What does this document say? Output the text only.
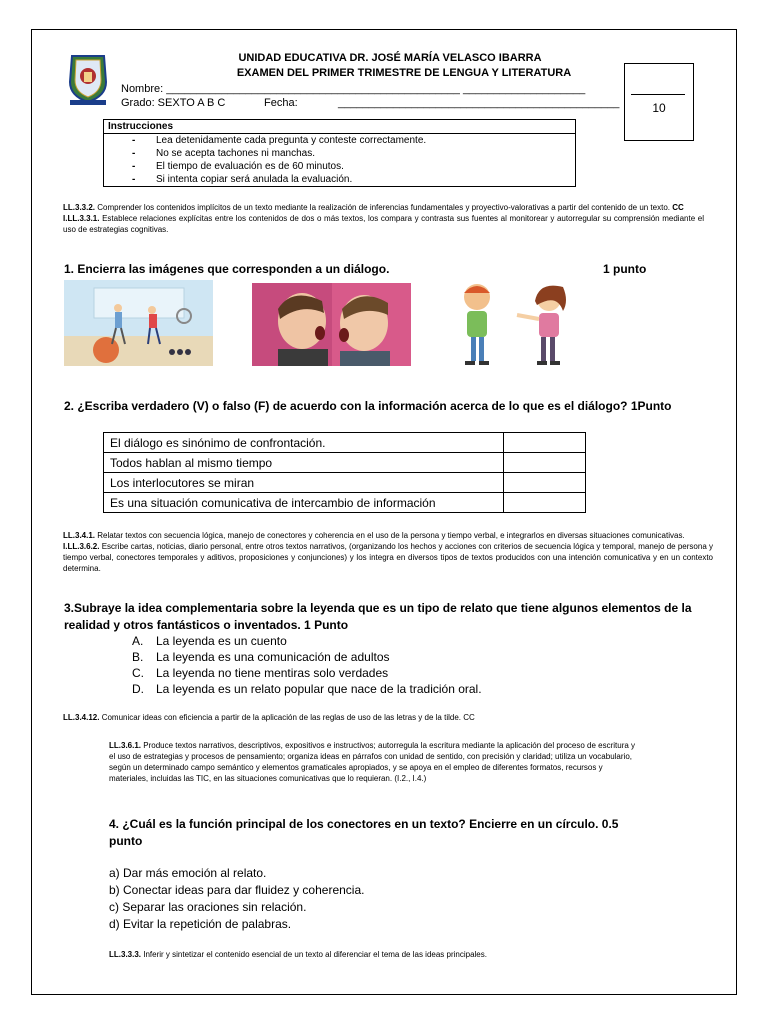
UNIDAD EDUCATIVA DR. JOSÉ MARÍA VELASCO IBARRA
EXAMEN DEL PRIMER TRIMESTRE DE LENGUA Y LITERATURA
Nombre: ________________________________________________ ____________________
Grado: SEXTO A B C	Fecha:	______________________________________________	10
Instrucciones
- Lea detenidamente cada pregunta y conteste correctamente.
- No se acepta tachones ni manchas.
- El tiempo de evaluación es de 60 minutos.
- Si intenta copiar será anulada la evaluación.
LL.3.3.2. Comprender los contenidos implícitos de un texto mediante la realización de inferencias fundamentales y proyectivo-valorativas a partir del contenido de un texto. CC
I.LL.3.3.1. Establece relaciones explícitas entre los contenidos de dos o más textos, los compara y contrasta sus fuentes al monitorear y autorregular su comprensión mediante el uso de estrategias cognitivas.
1. Encierra las imágenes que corresponden a un diálogo.	1 punto
2. ¿Escriba verdadero (V) o falso (F) de acuerdo con la información acerca de lo que es el diálogo? 1Punto
El diálogo es sinónimo de confrontación.	
Todos hablan al mismo tiempo	
Los interlocutores se miran	
Es una situación comunicativa de intercambio de información	
LL.3.4.1. Relatar textos con secuencia lógica, manejo de conectores y coherencia en el uso de la persona y tiempo verbal, e integrarlos en diversas situaciones comunicativas.
I.LL.3.6.2. Escribe cartas, noticias, diario personal, entre otros textos narrativos, (organizando los hechos y acciones con criterios de secuencia lógica y temporal, manejo de persona y tiempo verbal, conectores temporales y aditivos, proposiciones y conjunciones) y los integra en diversos tipos de textos producidos con una intención comunicativa y en un contexto determina.
3.Subraye la idea complementaria sobre la leyenda que es un tipo de relato que tiene algunos elementos de la realidad y otros fantásticos o inventados. 1 Punto
A. La leyenda es un cuento
B. La leyenda es una comunicación de adultos
C. La leyenda no tiene mentiras solo verdades
D. La leyenda es un relato popular que nace de la tradición oral.
LL.3.4.12. Comunicar ideas con eficiencia a partir de la aplicación de las reglas de uso de las letras y de la tilde. CC
LL.3.6.1. Produce textos narrativos, descriptivos, expositivos e instructivos; autorregula la escritura mediante la aplicación del proceso de escritura y el uso de estrategias y procesos de pensamiento; organiza ideas en párrafos con unidad de sentido, con precisión y claridad; utiliza un vocabulario, según un determinado campo semántico y elementos gramaticales apropiados, y se apoya en el empleo de diferentes formatos, recursos y materiales, incluidas las TIC, en las situaciones comunicativas que lo requieran. (I.2., I.4.)
4. ¿Cuál es la función principal de los conectores en un texto? Encierre en un círculo. 0.5 punto
a) Dar más emoción al relato.
b) Conectar ideas para dar fluidez y coherencia.
c) Separar las oraciones sin relación.
d) Evitar la repetición de palabras.
LL.3.3.3. Inferir y sintetizar el contenido esencial de un texto al diferenciar el tema de las ideas principales.
